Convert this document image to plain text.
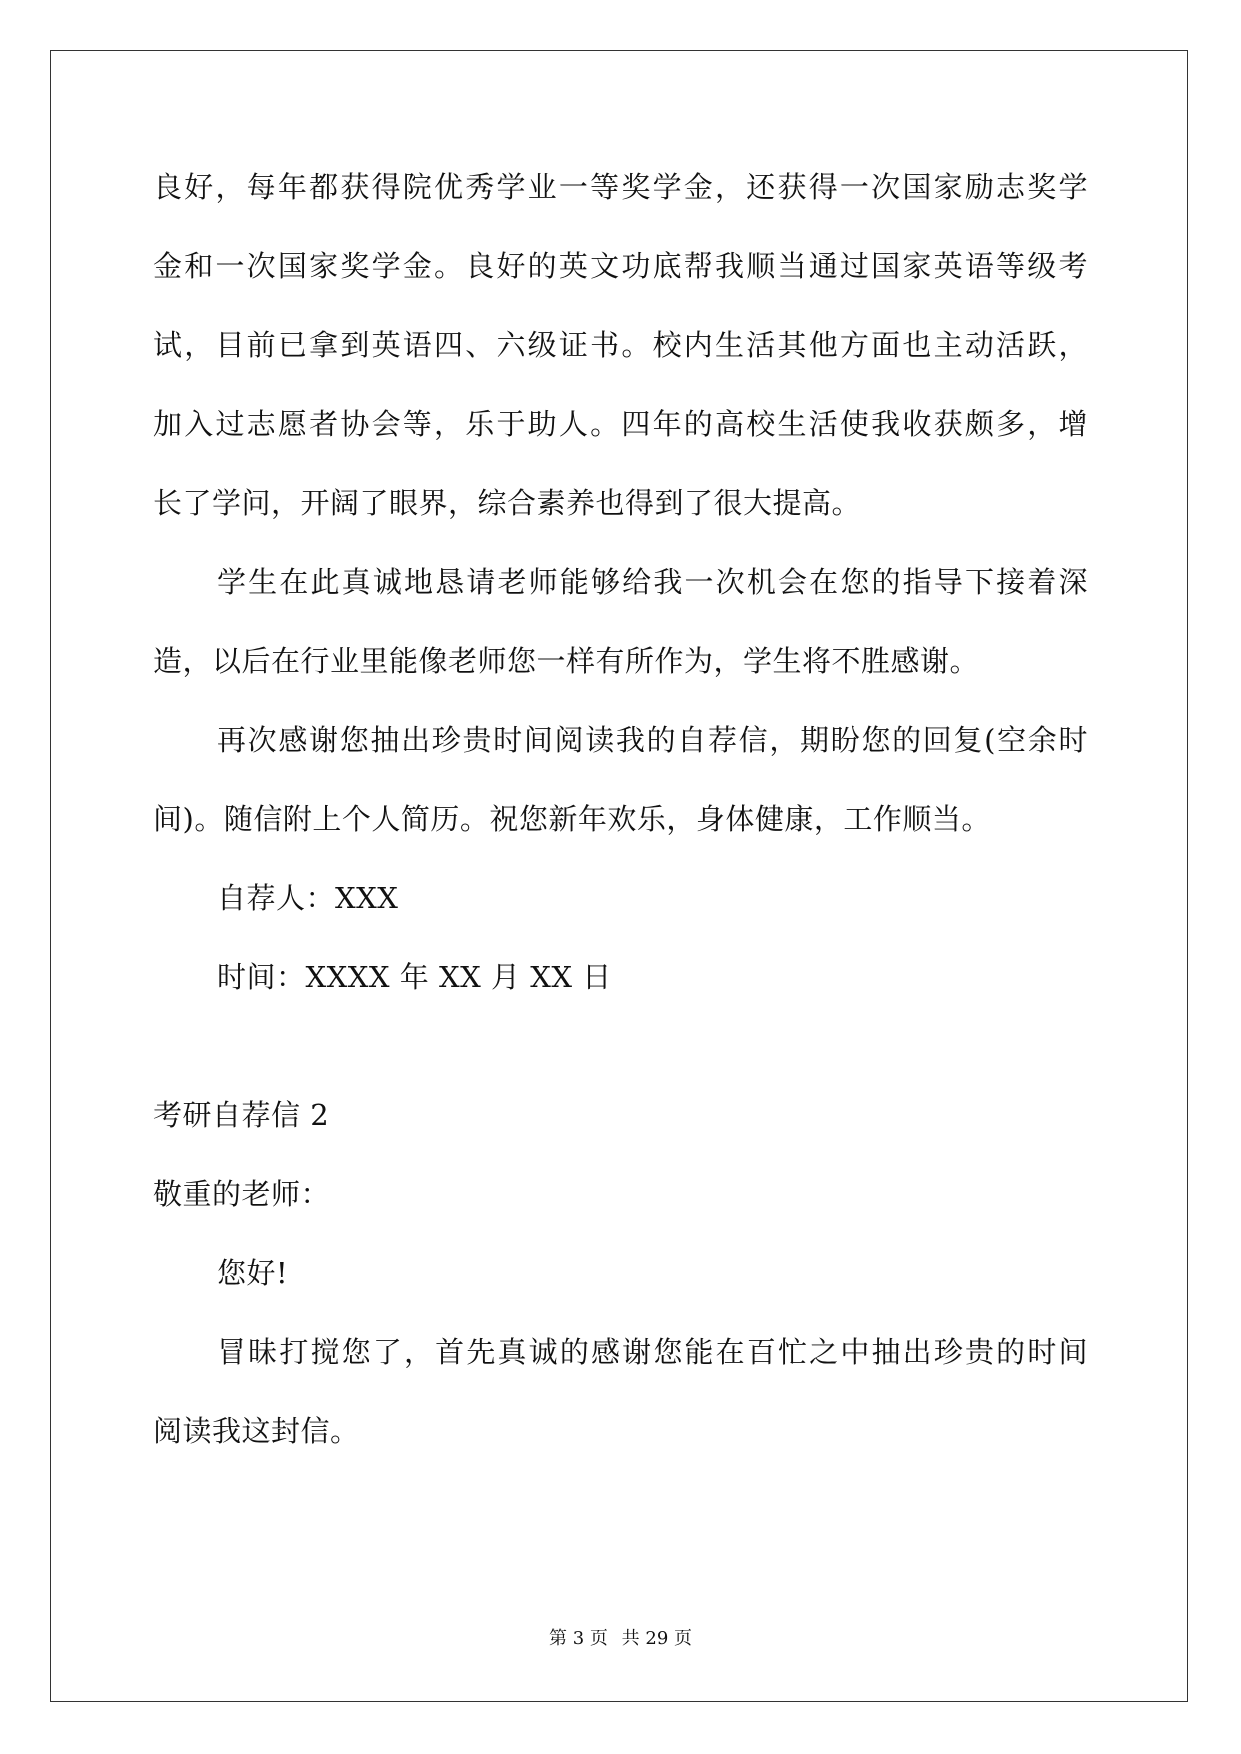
良好，每年都获得院优秀学业一等奖学金，还获得一次国家励志奖学
金和一次国家奖学金。良好的英文功底帮我顺当通过国家英语等级考
试，目前已拿到英语四、六级证书。校内生活其他方面也主动活跃，
加入过志愿者协会等，乐于助人。四年的高校生活使我收获颇多，增
长了学问，开阔了眼界，综合素养也得到了很大提高。
学生在此真诚地恳请老师能够给我一次机会在您的指导下接着深
造，以后在行业里能像老师您一样有所作为，学生将不胜感谢。
再次感谢您抽出珍贵时间阅读我的自荐信，期盼您的回复(空余时
间)。随信附上个人简历。祝您新年欢乐，身体健康，工作顺当。
自荐人：XXX
时间：XXXX 年 XX 月 XX 日
考研自荐信 2
敬重的老师：
您好!
冒昧打搅您了，首先真诚的感谢您能在百忙之中抽出珍贵的时间
阅读我这封信。
第 3 页 共 29 页
